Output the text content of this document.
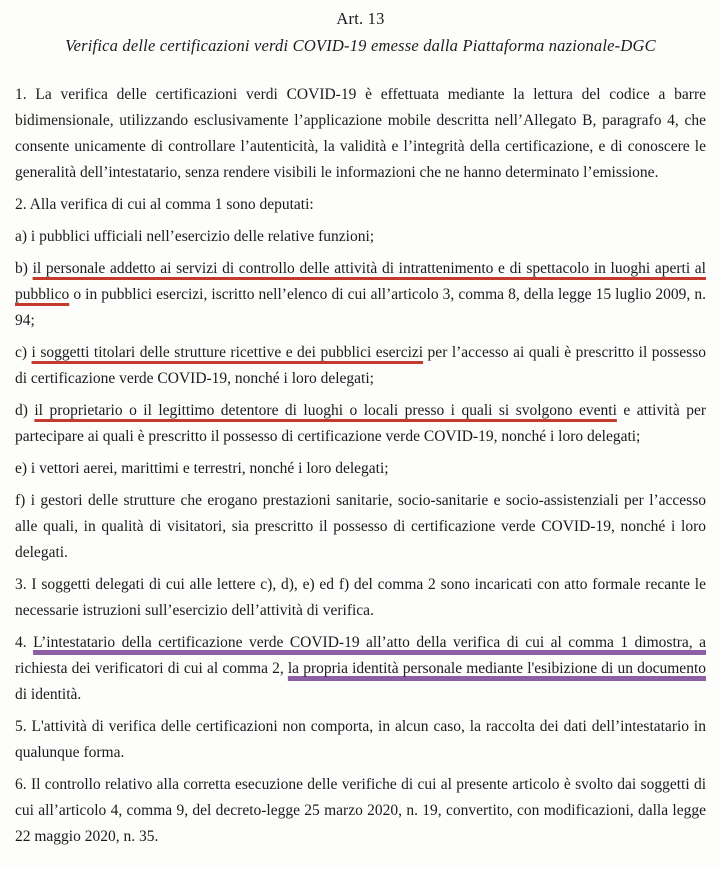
Art. 13
Verifica delle certificazioni verdi COVID-19 emesse dalla Piattaforma nazionale-DGC

1. La verifica delle certificazioni verdi COVID-19 è effettuata mediante la lettura del codice a barre bidimensionale, utilizzando esclusivamente l’applicazione mobile descritta nell’Allegato B, paragrafo 4, che consente unicamente di controllare l’autenticità, la validità e l’integrità della certificazione, e di conoscere le generalità dell’intestatario, senza rendere visibili le informazioni che ne hanno determinato l’emissione.

2. Alla verifica di cui al comma 1 sono deputati:

a) i pubblici ufficiali nell’esercizio delle relative funzioni;

b) il personale addetto ai servizi di controllo delle attività di intrattenimento e di spettacolo in luoghi aperti al pubblico o in pubblici esercizi, iscritto nell’elenco di cui all’articolo 3, comma 8, della legge 15 luglio 2009, n. 94;

c) i soggetti titolari delle strutture ricettive e dei pubblici esercizi per l’accesso ai quali è prescritto il possesso di certificazione verde COVID-19, nonché i loro delegati;

d) il proprietario o il legittimo detentore di luoghi o locali presso i quali si svolgono eventi e attività per partecipare ai quali è prescritto il possesso di certificazione verde COVID-19, nonché i loro delegati;

e) i vettori aerei, marittimi e terrestri, nonché i loro delegati;

f) i gestori delle strutture che erogano prestazioni sanitarie, socio-sanitarie e socio-assistenziali per l’accesso alle quali, in qualità di visitatori, sia prescritto il possesso di certificazione verde COVID-19, nonché i loro delegati.

3. I soggetti delegati di cui alle lettere c), d), e) ed f) del comma 2 sono incaricati con atto formale recante le necessarie istruzioni sull’esercizio dell’attività di verifica.

4. L’intestatario della certificazione verde COVID-19 all’atto della verifica di cui al comma 1 dimostra, a richiesta dei verificatori di cui al comma 2, la propria identità personale mediante l'esibizione di un documento di identità.

5. L'attività di verifica delle certificazioni non comporta, in alcun caso, la raccolta dei dati dell’intestatario in qualunque forma.

6. Il controllo relativo alla corretta esecuzione delle verifiche di cui al presente articolo è svolto dai soggetti di cui all’articolo 4, comma 9, del decreto-legge 25 marzo 2020, n. 19, convertito, con modificazioni, dalla legge 22 maggio 2020, n. 35.
